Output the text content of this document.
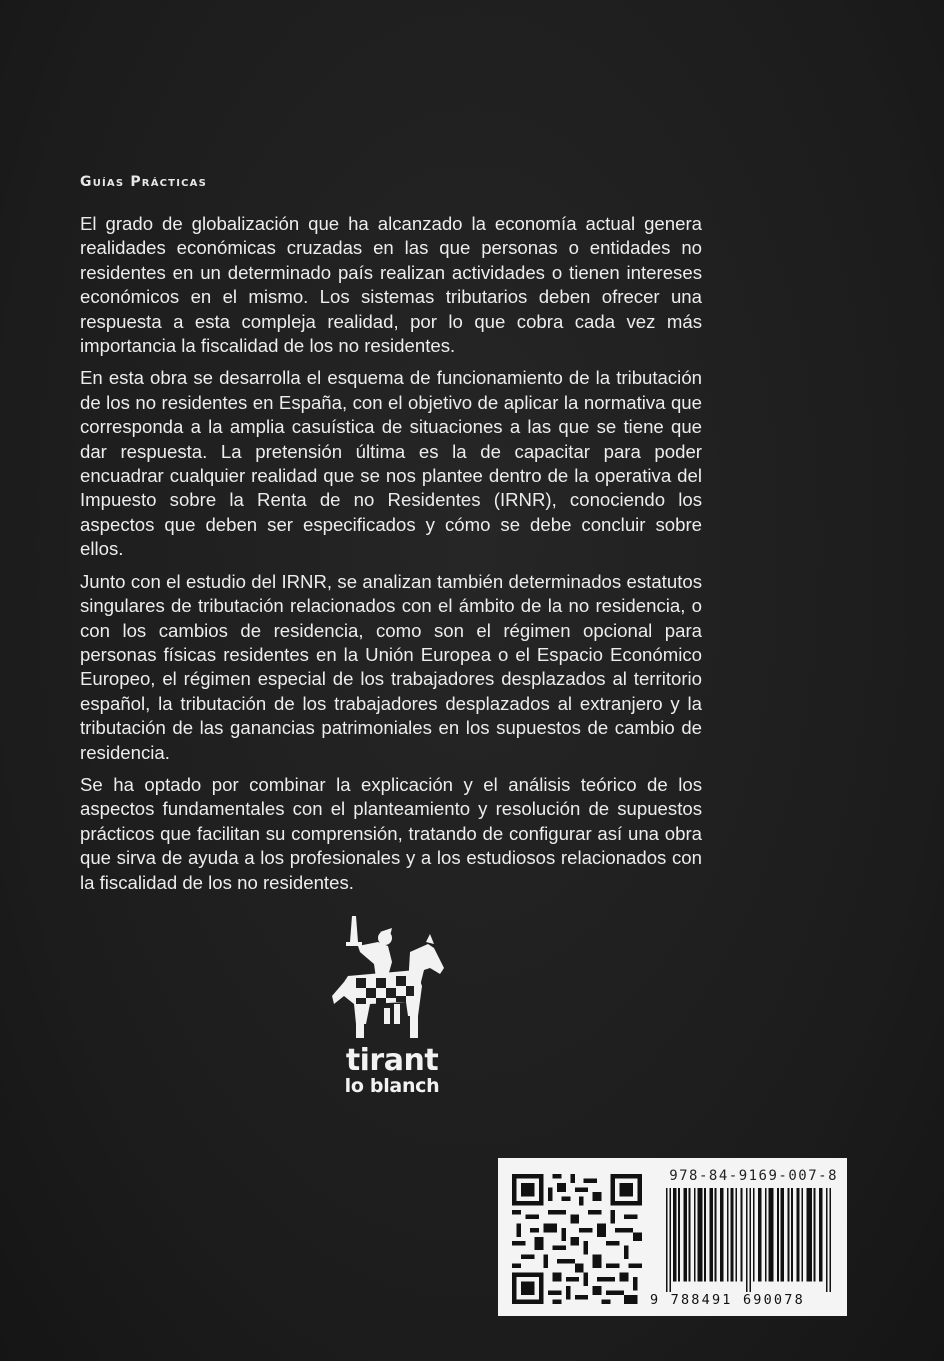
Guías Prácticas

El grado de globalización que ha alcanzado la economía actual genera realidades económicas cruzadas en las que personas o entidades no residentes en un determinado país realizan actividades o tienen intereses económicos en el mismo. Los sistemas tributarios deben ofrecer una respuesta a esta compleja realidad, por lo que cobra cada vez más importancia la fiscalidad de los no residentes.

En esta obra se desarrolla el esquema de funcionamiento de la tributación de los no residentes en España, con el objetivo de aplicar la normativa que corresponda a la amplia casuística de situaciones a las que se tiene que dar respuesta. La pretensión última es la de capacitar para poder encuadrar cualquier realidad que se nos plantee dentro de la operativa del Impuesto sobre la Renta de no Residentes (IRNR), conociendo los aspectos que deben ser especificados y cómo se debe concluir sobre ellos.

Junto con el estudio del IRNR, se analizan también determinados estatutos singulares de tributación relacionados con el ámbito de la no residencia, o con los cambios de residencia, como son el régimen opcional para personas físicas residentes en la Unión Europea o el Espacio Económico Europeo, el régimen especial de los trabajadores desplazados al territorio español, la tributación de los trabajadores desplazados al extranjero y la tributación de las ganancias patrimoniales en los supuestos de cambio de residencia.

Se ha optado por combinar la explicación y el análisis teórico de los aspectos fundamentales con el planteamiento y resolución de supuestos prácticos que facilitan su comprensión, tratando de configurar así una obra que sirva de ayuda a los profesionales y a los estudiosos relacionados con la fiscalidad de los no residentes.

tirant
lo blanch
978-84-9169-007-8
9 788491 690078
